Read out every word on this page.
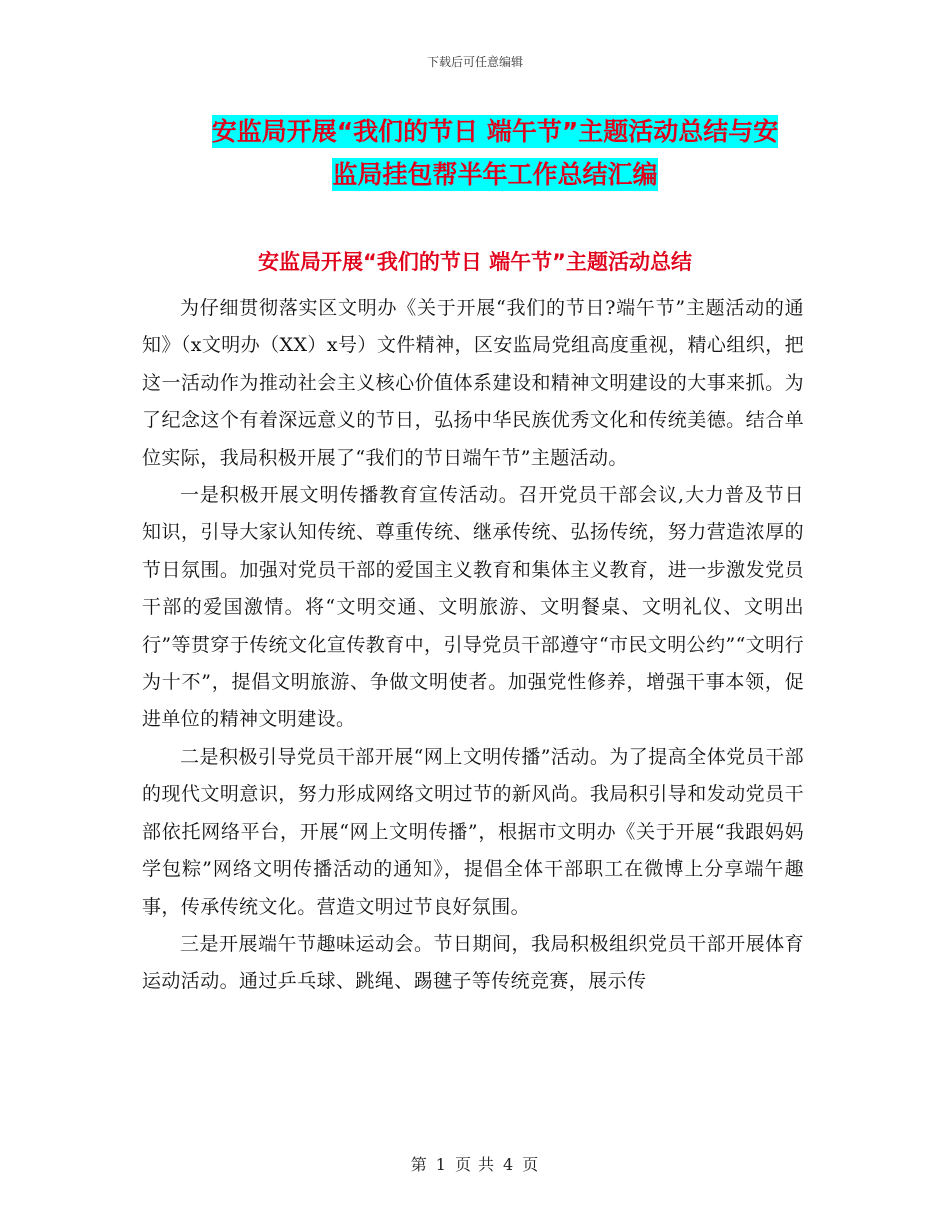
下载后可任意编辑
安监局开展“我们的节日 端午节”主题活动总结与安
监局挂包帮半年工作总结汇编
安监局开展“我们的节日 端午节”主题活动总结

为仔细贯彻落实区文明办《关于开展“我们的节日?端午节”主题活动的通知》（x文明办（XX）x号）文件精神，区安监局党组高度重视，精心组织，把这一活动作为推动社会主义核心价值体系建设和精神文明建设的大事来抓。为了纪念这个有着深远意义的节日，弘扬中华民族优秀文化和传统美德。结合单位实际，我局积极开展了“我们的节日端午节”主题活动。

一是积极开展文明传播教育宣传活动。召开党员干部会议,大力普及节日知识，引导大家认知传统、尊重传统、继承传统、弘扬传统，努力营造浓厚的节日氛围。加强对党员干部的爱国主义教育和集体主义教育，进一步激发党员干部的爱国激情。将“文明交通、文明旅游、文明餐桌、文明礼仪、文明出行”等贯穿于传统文化宣传教育中，引导党员干部遵守“市民文明公约”“文明行为十不”，提倡文明旅游、争做文明使者。加强党性修养，增强干事本领，促进单位的精神文明建设。

二是积极引导党员干部开展“网上文明传播”活动。为了提高全体党员干部的现代文明意识，努力形成网络文明过节的新风尚。我局积引导和发动党员干部依托网络平台，开展“网上文明传播”，根据市文明办《关于开展“我跟妈妈学包粽”网络文明传播活动的通知》，提倡全体干部职工在微博上分享端午趣事，传承传统文化。营造文明过节良好氛围。

三是开展端午节趣味运动会。节日期间，我局积极组织党员干部开展体育运动活动。通过乒乓球、跳绳、踢毽子等传统竞赛，展示传

第 1 页 共 4 页
